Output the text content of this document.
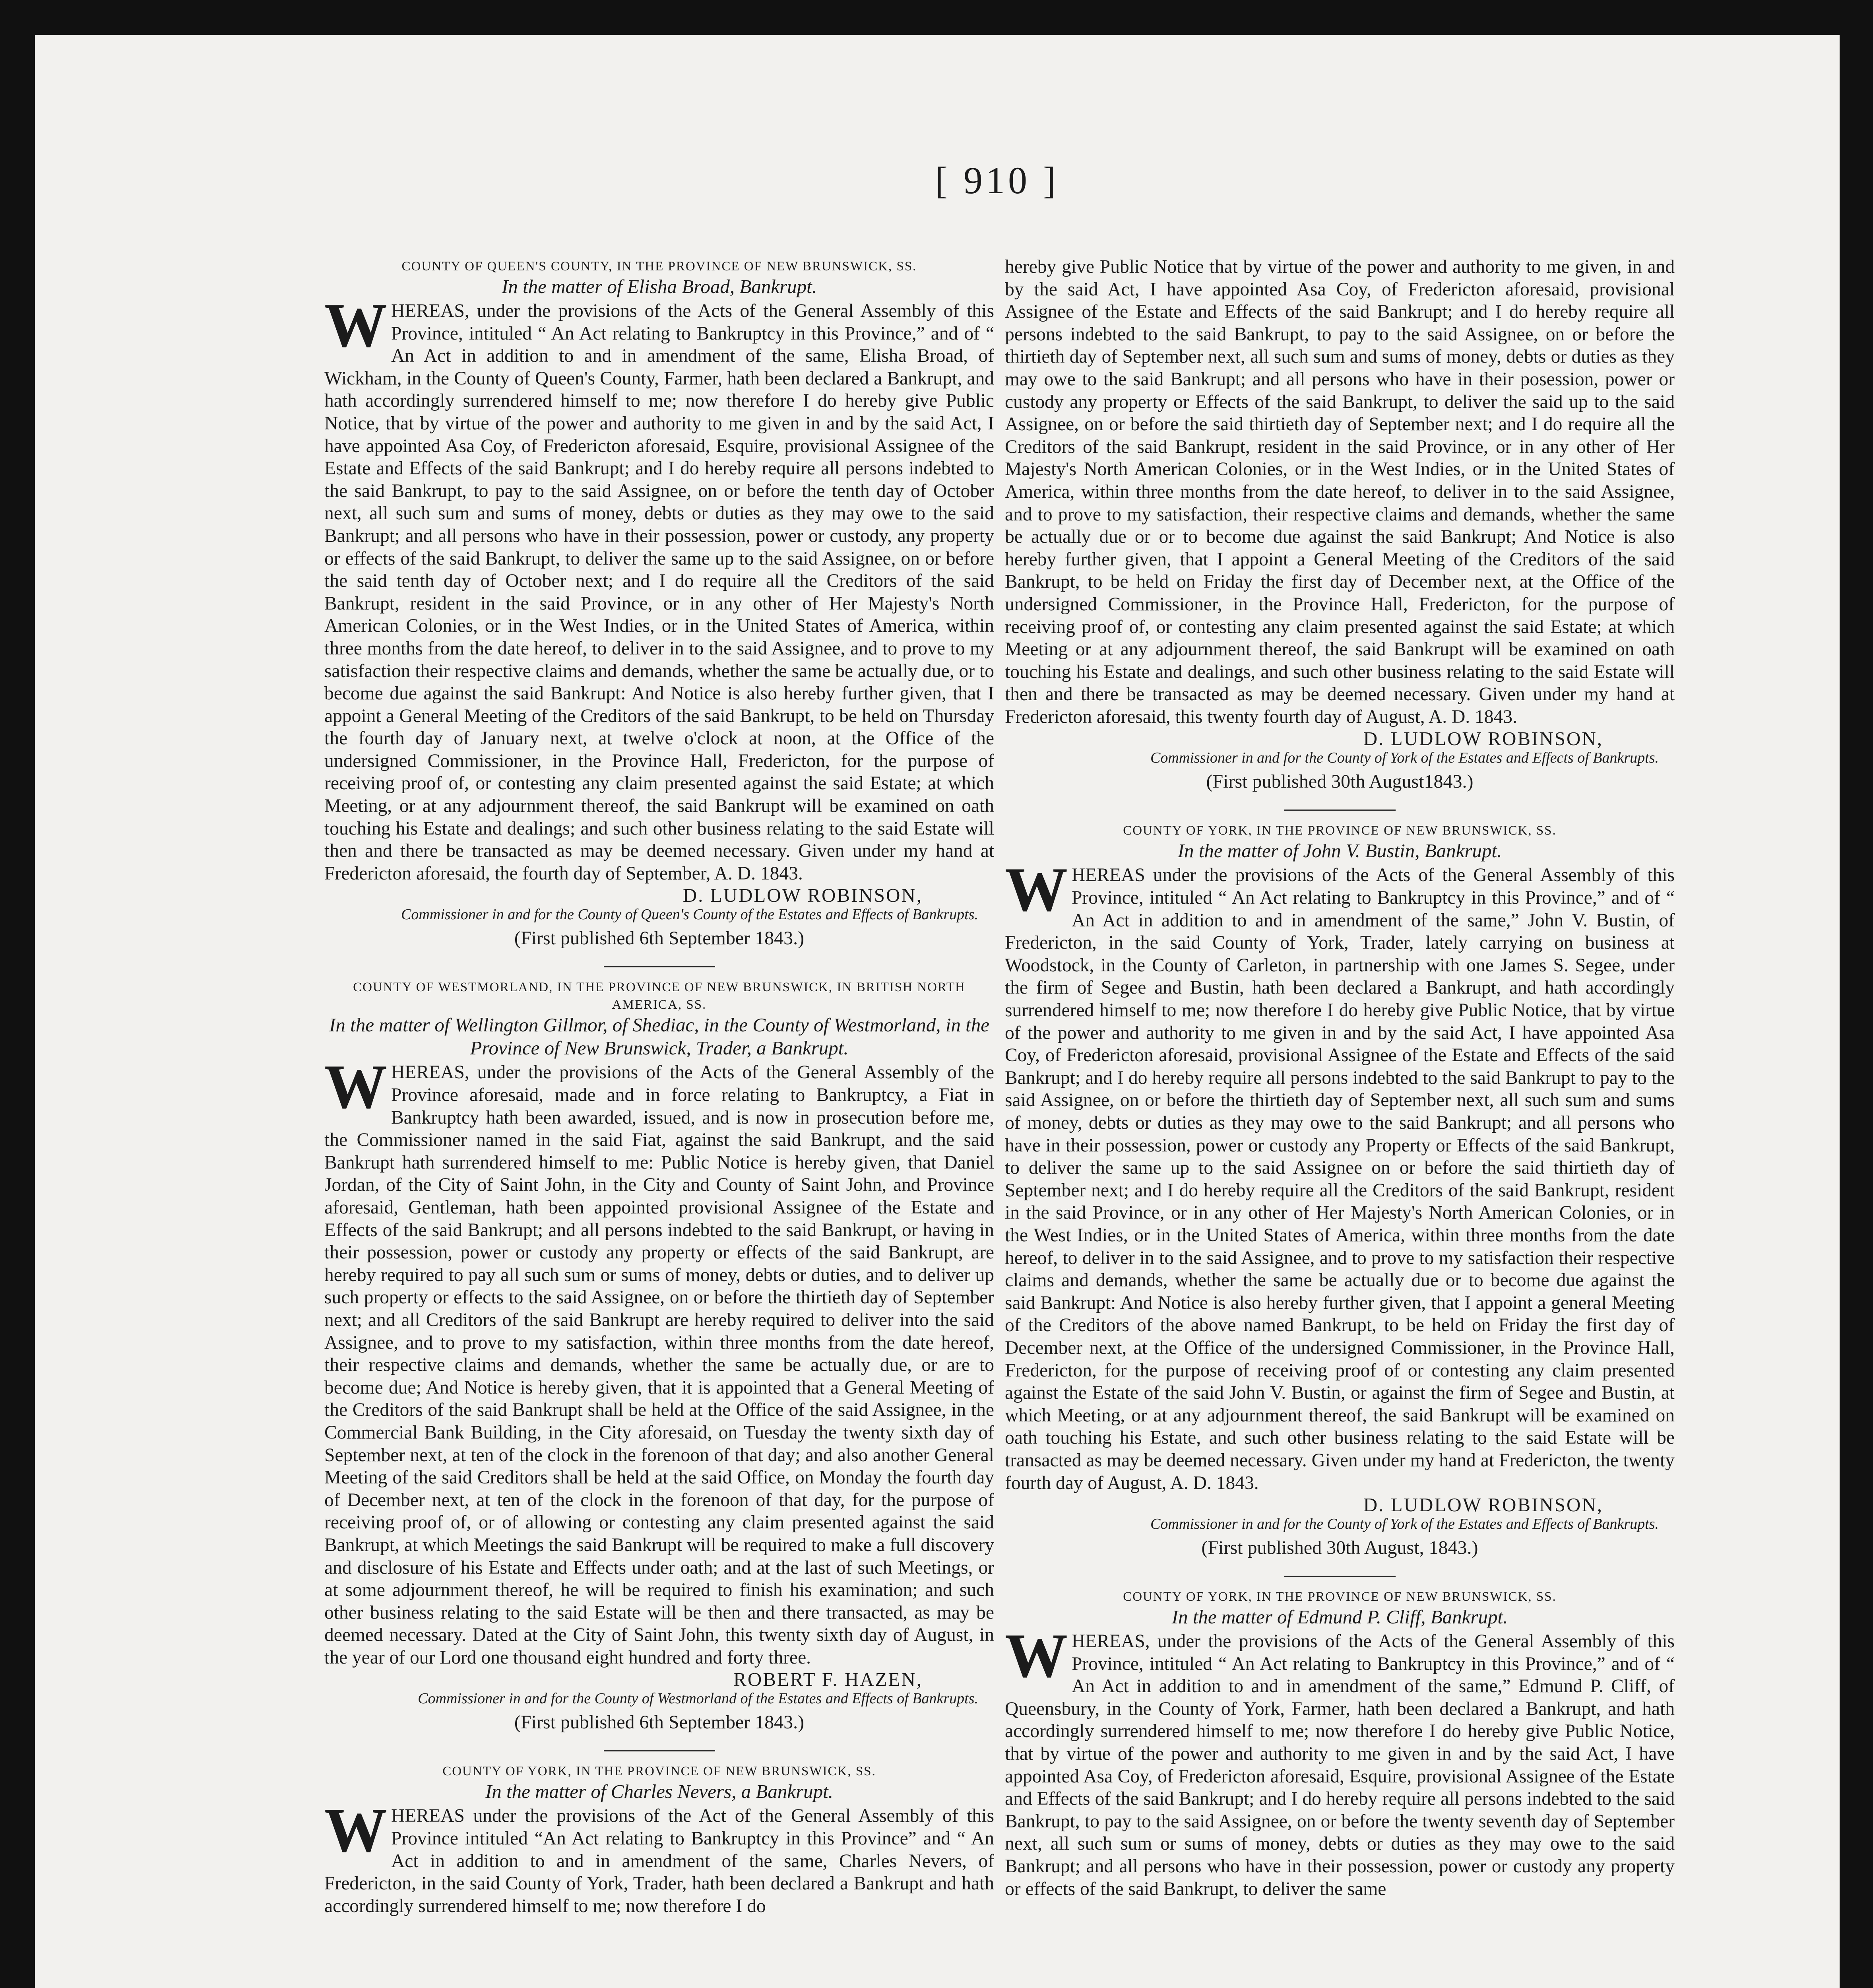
[ 910 ]

COUNTY OF QUEEN'S COUNTY, IN THE PROVINCE OF NEW BRUNSWICK, SS.

In the matter of Elisha Broad, Bankrupt.

WHEREAS, under the provisions of the Acts of the General Assembly of this Province, intituled “ An Act relating to Bankruptcy in this Province,” and of “ An Act in addition to and in amendment of the same, Elisha Broad, of Wickham, in the County of Queen's County, Farmer, hath been declared a Bankrupt, and hath accordingly surrendered himself to me; now therefore I do hereby give Public Notice, that by virtue of the power and authority to me given in and by the said Act, I have appointed Asa Coy, of Fredericton aforesaid, Esquire, provisional Assignee of the Estate and Effects of the said Bankrupt; and I do hereby require all persons indebted to the said Bankrupt, to pay to the said Assignee, on or before the tenth day of October next, all such sum and sums of money, debts or duties as they may owe to the said Bankrupt; and all persons who have in their possession, power or custody, any property or effects of the said Bankrupt, to deliver the same up to the said Assignee, on or before the said tenth day of October next; and I do require all the Creditors of the said Bankrupt, resident in the said Province, or in any other of Her Majesty's North American Colonies, or in the West Indies, or in the United States of America, within three months from the date hereof, to deliver in to the said Assignee, and to prove to my satisfaction their respective claims and demands, whether the same be actually due, or to become due against the said Bankrupt: And Notice is also hereby further given, that I appoint a General Meeting of the Creditors of the said Bankrupt, to be held on Thursday the fourth day of January next, at twelve o'clock at noon, at the Office of the undersigned Commissioner, in the Province Hall, Fredericton, for the purpose of receiving proof of, or contesting any claim presented against the said Estate; at which Meeting, or at any adjournment thereof, the said Bankrupt will be examined on oath touching his Estate and dealings; and such other business relating to the said Estate will then and there be transacted as may be deemed necessary. Given under my hand at Fredericton aforesaid, the fourth day of September, A. D. 1843.

D. LUDLOW ROBINSON,

Commissioner in and for the County of Queen's County of the Estates and Effects of Bankrupts.

(First published 6th September 1843.)

COUNTY OF WESTMORLAND, IN THE PROVINCE OF NEW BRUNSWICK, IN BRITISH NORTH AMERICA, SS.

In the matter of Wellington Gillmor, of Shediac, in the County of Westmorland, in the Province of New Brunswick, Trader, a Bankrupt.

WHEREAS, under the provisions of the Acts of the General Assembly of the Province aforesaid, made and in force relating to Bankruptcy, a Fiat in Bankruptcy hath been awarded, issued, and is now in prosecution before me, the Commissioner named in the said Fiat, against the said Bankrupt, and the said Bankrupt hath surrendered himself to me: Public Notice is hereby given, that Daniel Jordan, of the City of Saint John, in the City and County of Saint John, and Province aforesaid, Gentleman, hath been appointed provisional Assignee of the Estate and Effects of the said Bankrupt; and all persons indebted to the said Bankrupt, or having in their possession, power or custody any property or effects of the said Bankrupt, are hereby required to pay all such sum or sums of money, debts or duties, and to deliver up such property or effects to the said Assignee, on or before the thirtieth day of September next; and all Creditors of the said Bankrupt are hereby required to deliver into the said Assignee, and to prove to my satisfaction, within three months from the date hereof, their respective claims and demands, whether the same be actually due, or are to become due; And Notice is hereby given, that it is appointed that a General Meeting of the Creditors of the said Bankrupt shall be held at the Office of the said Assignee, in the Commercial Bank Building, in the City aforesaid, on Tuesday the twenty sixth day of September next, at ten of the clock in the forenoon of that day; and also another General Meeting of the said Creditors shall be held at the said Office, on Monday the fourth day of December next, at ten of the clock in the forenoon of that day, for the purpose of receiving proof of, or of allowing or contesting any claim presented against the said Bankrupt, at which Meetings the said Bankrupt will be required to make a full discovery and disclosure of his Estate and Effects under oath; and at the last of such Meetings, or at some adjournment thereof, he will be required to finish his examination; and such other business relating to the said Estate will be then and there transacted, as may be deemed necessary. Dated at the City of Saint John, this twenty sixth day of August, in the year of our Lord one thousand eight hundred and forty three.

ROBERT F. HAZEN,

Commissioner in and for the County of Westmorland of the Estates and Effects of Bankrupts.

(First published 6th September 1843.)

COUNTY OF YORK, IN THE PROVINCE OF NEW BRUNSWICK, SS.

In the matter of Charles Nevers, a Bankrupt.

WHEREAS under the provisions of the Act of the General Assembly of this Province intituled “An Act relating to Bankruptcy in this Province” and “ An Act in addition to and in amendment of the same, Charles Nevers, of Fredericton, in the said County of York, Trader, hath been declared a Bankrupt and hath accordingly surrendered himself to me; now therefore I do

hereby give Public Notice that by virtue of the power and authority to me given, in and by the said Act, I have appointed Asa Coy, of Fredericton aforesaid, provisional Assignee of the Estate and Effects of the said Bankrupt; and I do hereby require all persons indebted to the said Bankrupt, to pay to the said Assignee, on or before the thirtieth day of September next, all such sum and sums of money, debts or duties as they may owe to the said Bankrupt; and all persons who have in their posession, power or custody any property or Effects of the said Bankrupt, to deliver the said up to the said Assignee, on or before the said thirtieth day of September next; and I do require all the Creditors of the said Bankrupt, resident in the said Province, or in any other of Her Majesty's North American Colonies, or in the West Indies, or in the United States of America, within three months from the date hereof, to deliver in to the said Assignee, and to prove to my satisfaction, their respective claims and demands, whether the same be actually due or or to become due against the said Bankrupt; And Notice is also hereby further given, that I appoint a General Meeting of the Creditors of the said Bankrupt, to be held on Friday the first day of December next, at the Office of the undersigned Commissioner, in the Province Hall, Fredericton, for the purpose of receiving proof of, or contesting any claim presented against the said Estate; at which Meeting or at any adjournment thereof, the said Bankrupt will be examined on oath touching his Estate and dealings, and such other business relating to the said Estate will then and there be transacted as may be deemed necessary. Given under my hand at Fredericton aforesaid, this twenty fourth day of August, A. D. 1843.

D. LUDLOW ROBINSON,

Commissioner in and for the County of York of the Estates and Effects of Bankrupts.

(First published 30th August1843.)

COUNTY OF YORK, IN THE PROVINCE OF NEW BRUNSWICK, SS.

In the matter of John V. Bustin, Bankrupt.

WHEREAS under the provisions of the Acts of the General Assembly of this Province, intituled “ An Act relating to Bankruptcy in this Province,” and of “ An Act in addition to and in amendment of the same,” John V. Bustin, of Fredericton, in the said County of York, Trader, lately carrying on business at Woodstock, in the County of Carleton, in partnership with one James S. Segee, under the firm of Segee and Bustin, hath been declared a Bankrupt, and hath accordingly surrendered himself to me; now therefore I do hereby give Public Notice, that by virtue of the power and authority to me given in and by the said Act, I have appointed Asa Coy, of Fredericton aforesaid, provisional Assignee of the Estate and Effects of the said Bankrupt; and I do hereby require all persons indebted to the said Bankrupt to pay to the said Assignee, on or before the thirtieth day of September next, all such sum and sums of money, debts or duties as they may owe to the said Bankrupt; and all persons who have in their possession, power or custody any Property or Effects of the said Bankrupt, to deliver the same up to the said Assignee on or before the said thirtieth day of September next; and I do hereby require all the Creditors of the said Bankrupt, resident in the said Province, or in any other of Her Majesty's North American Colonies, or in the West Indies, or in the United States of America, within three months from the date hereof, to deliver in to the said Assignee, and to prove to my satisfaction their respective claims and demands, whether the same be actually due or to become due against the said Bankrupt: And Notice is also hereby further given, that I appoint a general Meeting of the Creditors of the above named Bankrupt, to be held on Friday the first day of December next, at the Office of the undersigned Commissioner, in the Province Hall, Fredericton, for the purpose of receiving proof of or contesting any claim presented against the Estate of the said John V. Bustin, or against the firm of Segee and Bustin, at which Meeting, or at any adjournment thereof, the said Bankrupt will be examined on oath touching his Estate, and such other business relating to the said Estate will be transacted as may be deemed necessary. Given under my hand at Fredericton, the twenty fourth day of August, A. D. 1843.

D. LUDLOW ROBINSON,

Commissioner in and for the County of York of the Estates and Effects of Bankrupts.

(First published 30th August, 1843.)

COUNTY OF YORK, IN THE PROVINCE OF NEW BRUNSWICK, SS.

In the matter of Edmund P. Cliff, Bankrupt.

WHEREAS, under the provisions of the Acts of the General Assembly of this Province, intituled “ An Act relating to Bankruptcy in this Province,” and of “ An Act in addition to and in amendment of the same,” Edmund P. Cliff, of Queensbury, in the County of York, Farmer, hath been declared a Bankrupt, and hath accordingly surrendered himself to me; now therefore I do hereby give Public Notice, that by virtue of the power and authority to me given in and by the said Act, I have appointed Asa Coy, of Fredericton aforesaid, Esquire, provisional Assignee of the Estate and Effects of the said Bankrupt; and I do hereby require all persons indebted to the said Bankrupt, to pay to the said Assignee, on or before the twenty seventh day of September next, all such sum or sums of money, debts or duties as they may owe to the said Bankrupt; and all persons who have in their possession, power or custody any property or effects of the said Bankrupt, to deliver the same
